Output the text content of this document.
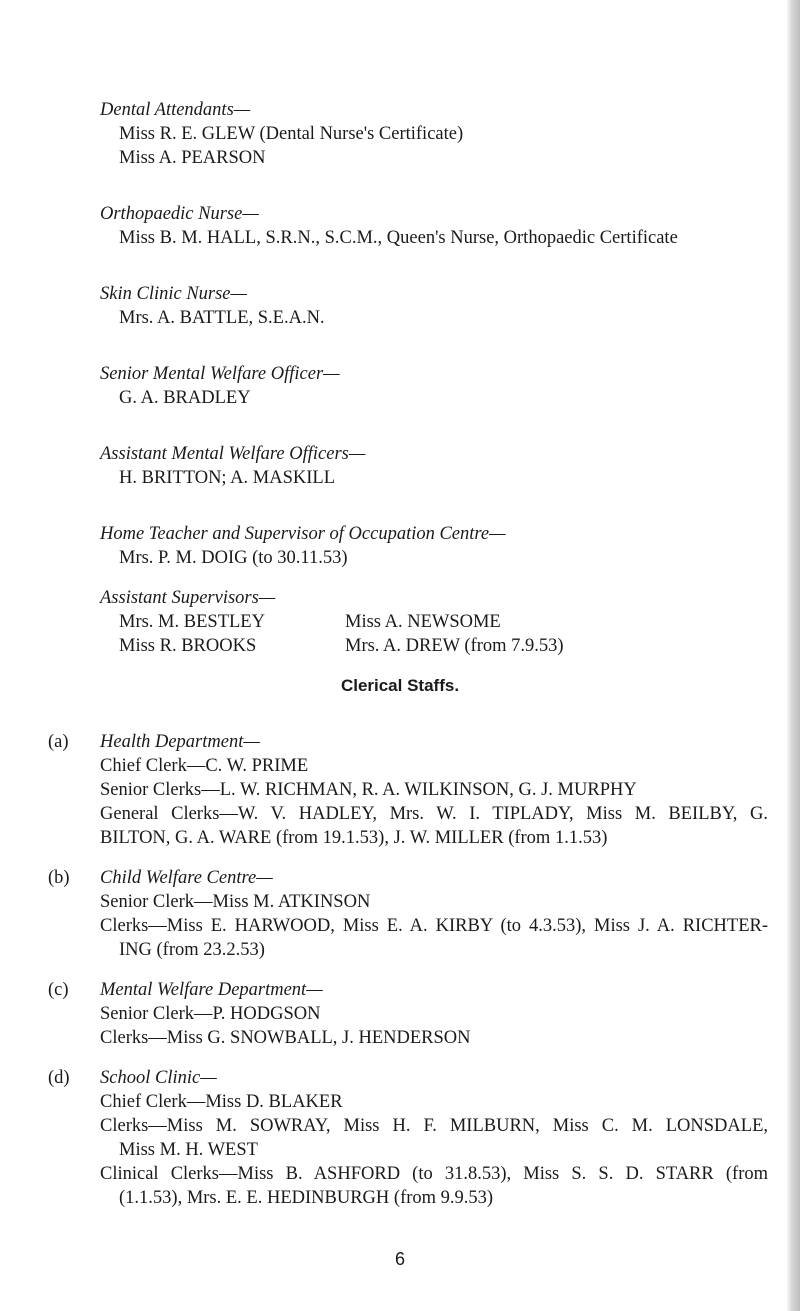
Dental Attendants—
Miss R. E. GLEW (Dental Nurse's Certificate)
Miss A. PEARSON
Orthopaedic Nurse—
Miss B. M. HALL, S.R.N., S.C.M., Queen's Nurse, Orthopaedic Certificate
Skin Clinic Nurse—
Mrs. A. BATTLE, S.E.A.N.
Senior Mental Welfare Officer—
G. A. BRADLEY
Assistant Mental Welfare Officers—
H. BRITTON; A. MASKILL
Home Teacher and Supervisor of Occupation Centre—
Mrs. P. M. DOIG (to 30.11.53)
Assistant Supervisors—
Mrs. M. BESTLEY	Miss A. NEWSOME
Miss R. BROOKS	Mrs. A. DREW (from 7.9.53)
Clerical Staffs.
(a) Health Department—
Chief Clerk—C. W. PRIME
Senior Clerks—L. W. RICHMAN, R. A. WILKINSON, G. J. MURPHY
General Clerks—W. V. HADLEY, Mrs. W. I. TIPLADY, Miss M. BEILBY, G.
BILTON, G. A. WARE (from 19.1.53), J. W. MILLER (from 1.1.53)
(b) Child Welfare Centre—
Senior Clerk—Miss M. ATKINSON
Clerks—Miss E. HARWOOD, Miss E. A. KIRBY (to 4.3.53), Miss J. A. RICHTER-
ING (from 23.2.53)
(c) Mental Welfare Department—
Senior Clerk—P. HODGSON
Clerks—Miss G. SNOWBALL, J. HENDERSON
(d) School Clinic—
Chief Clerk—Miss D. BLAKER
Clerks—Miss M. SOWRAY, Miss H. F. MILBURN, Miss C. M. LONSDALE,
Miss M. H. WEST
Clinical Clerks—Miss B. ASHFORD (to 31.8.53), Miss S. S. D. STARR (from
(1.1.53), Mrs. E. E. HEDINBURGH (from 9.9.53)
6
